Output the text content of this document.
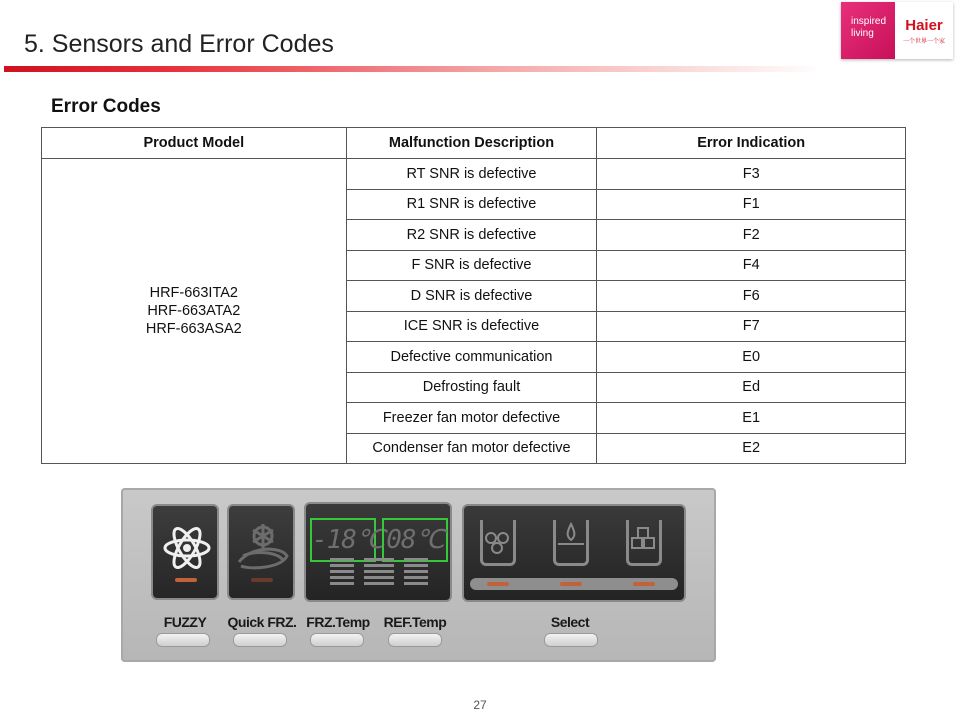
5. Sensors and Error Codes
inspired
living	Haier
一个世界一个家
Error Codes
Product Model	Malfunction Description	Error Indication

HRF-663ITA2
HRF-663ATA2
HRF-663ASA2	RT SNR is defective	F3
	R1 SNR is defective	F1
	R2 SNR is defective	F2
	F SNR is defective	F4
	D SNR is defective	F6
	ICE SNR is defective	F7
	Defective communication	E0
	Defrosting fault	Ed
	Freezer fan motor defective	E1
	Condenser fan motor defective	E2
-18℃ 08℃
FUZZY	Quick FRZ. FRZ.Temp REF.Temp	Select
27
